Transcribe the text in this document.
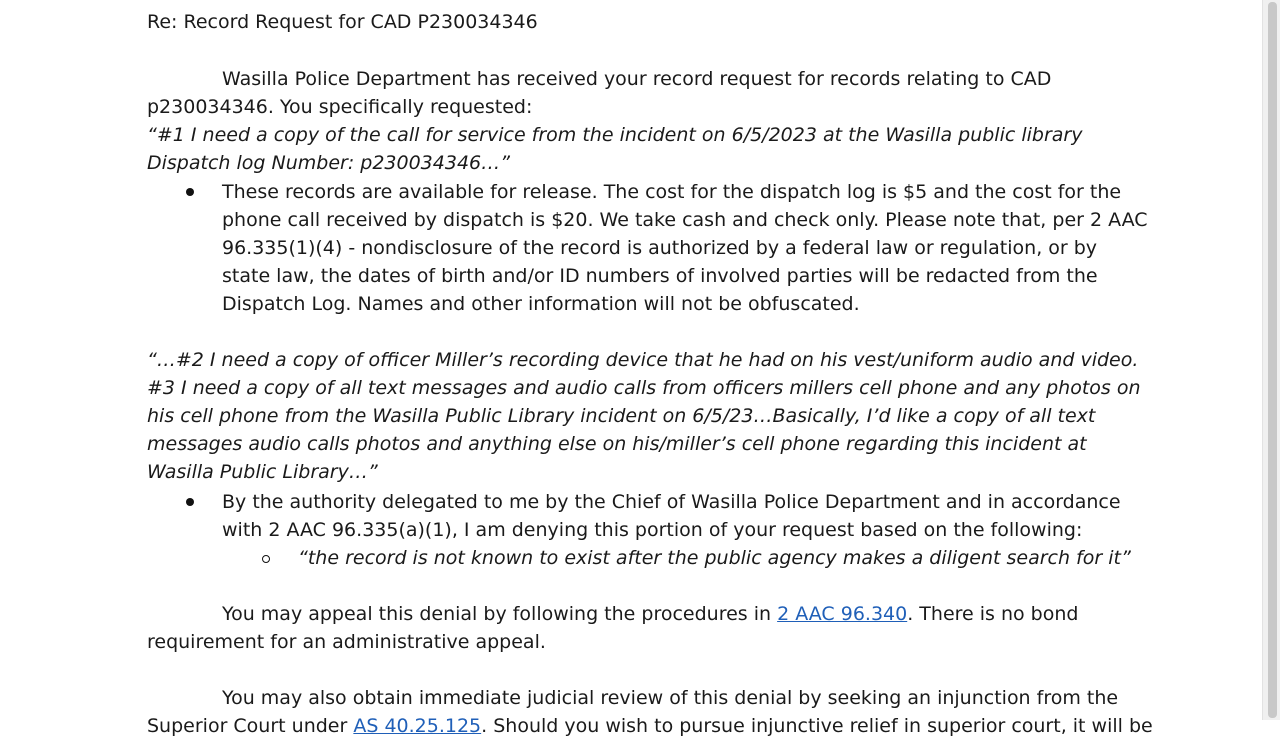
Re: Record Request for CAD P230034346
Wasilla Police Department has received your record request for records relating to CAD
p230034346. You specifically requested:
“#1 I need a copy of the call for service from the incident on 6/5/2023 at the Wasilla public library
Dispatch log Number: p230034346…”
These records are available for release. The cost for the dispatch log is $5 and the cost for the
phone call received by dispatch is $20. We take cash and check only. Please note that, per 2 AAC
96.335(1)(4) - nondisclosure of the record is authorized by a federal law or regulation, or by
state law, the dates of birth and/or ID numbers of involved parties will be redacted from the
Dispatch Log. Names and other information will not be obfuscated.
“…#2 I need a copy of officer Miller’s recording device that he had on his vest/uniform audio and video.
#3 I need a copy of all text messages and audio calls from officers millers cell phone and any photos on
his cell phone from the Wasilla Public Library incident on 6/5/23…Basically, I’d like a copy of all text
messages audio calls photos and anything else on his/miller’s cell phone regarding this incident at
Wasilla Public Library…”
By the authority delegated to me by the Chief of Wasilla Police Department and in accordance
with 2 AAC 96.335(a)(1), I am denying this portion of your request based on the following:
“the record is not known to exist after the public agency makes a diligent search for it”
You may appeal this denial by following the procedures in 2 AAC 96.340. There is no bond
requirement for an administrative appeal.
You may also obtain immediate judicial review of this denial by seeking an injunction from the
Superior Court under AS 40.25.125. Should you wish to pursue injunctive relief in superior court, it will be
